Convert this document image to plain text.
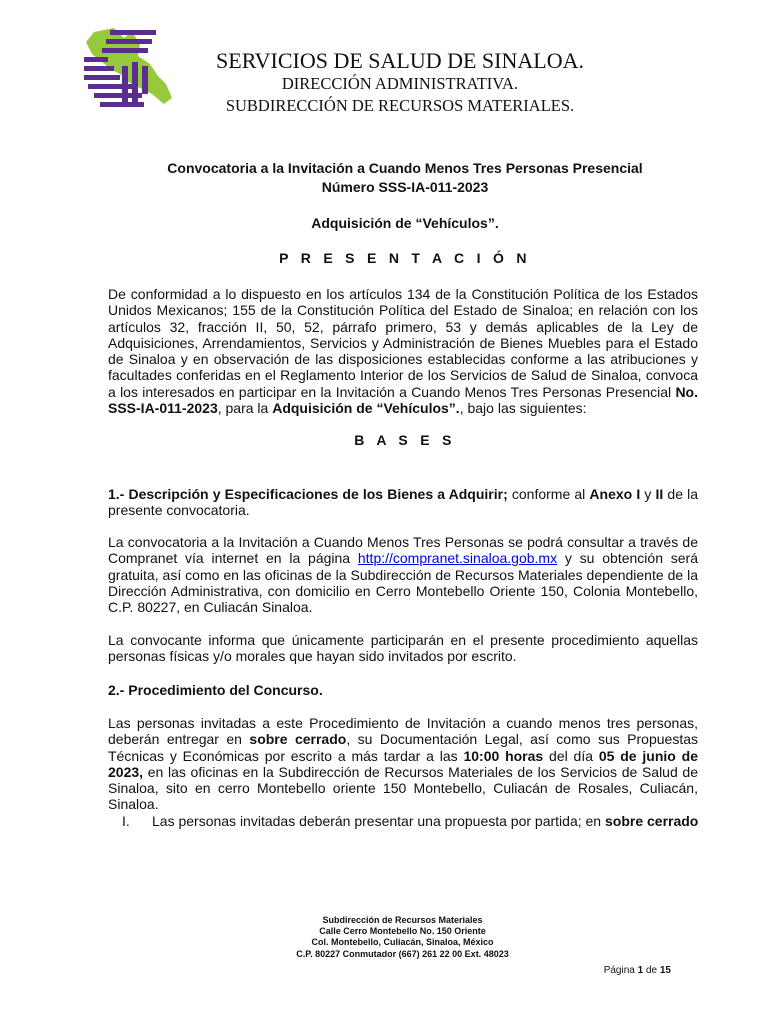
SERVICIOS DE SALUD DE SINALOA.
DIRECCIÓN ADMINISTRATIVA.
SUBDIRECCIÓN DE RECURSOS MATERIALES.
Convocatoria a la Invitación a Cuando Menos Tres Personas Presencial
Número SSS-IA-011-2023
Adquisición de “Vehículos”.
P R E S E N T A C I Ó N

De conformidad a lo dispuesto en los artículos 134 de la Constitución Política de los Estados Unidos Mexicanos; 155 de la Constitución Política del Estado de Sinaloa; en relación con los artículos 32, fracción II, 50, 52, párrafo primero, 53 y demás aplicables de la Ley de Adquisiciones, Arrendamientos, Servicios y Administración de Bienes Muebles para el Estado de Sinaloa y en observación de las disposiciones establecidas conforme a las atribuciones y facultades conferidas en el Reglamento Interior de los Servicios de Salud de Sinaloa, convoca a los interesados en participar en la Invitación a Cuando Menos Tres Personas Presencial No. SSS-IA-011-2023, para la Adquisición de “Vehículos”., bajo las siguientes:

B A S E S

1.- Descripción y Especificaciones de los Bienes a Adquirir; conforme al Anexo I y II de la presente convocatoria.

La convocatoria a la Invitación a Cuando Menos Tres Personas se podrá consultar a través de Compranet vía internet en la página http://compranet.sinaloa.gob.mx y su obtención será gratuita, así como en las oficinas de la Subdirección de Recursos Materiales dependiente de la Dirección Administrativa, con domicilio en Cerro Montebello Oriente 150, Colonia Montebello, C.P. 80227, en Culiacán Sinaloa.

La convocante informa que únicamente participarán en el presente procedimiento aquellas personas físicas y/o morales que hayan sido invitados por escrito.

2.- Procedimiento del Concurso.

Las personas invitadas a este Procedimiento de Invitación a cuando menos tres personas, deberán entregar en sobre cerrado, su Documentación Legal, así como sus Propuestas Técnicas y Económicas por escrito a más tardar a las 10:00 horas del día 05 de junio de 2023, en las oficinas en la Subdirección de Recursos Materiales de los Servicios de Salud de Sinaloa, sito en cerro Montebello oriente 150 Montebello, Culiacán de Rosales, Culiacán, Sinaloa.

I. Las personas invitadas deberán presentar una propuesta por partida; en sobre cerrado
Subdirección de Recursos Materiales
Calle Cerro Montebello No. 150 Oriente
Col. Montebello, Culiacán, Sinaloa, México
C.P. 80227 Conmutador (667) 261 22 00 Ext. 48023
Página 1 de 15
